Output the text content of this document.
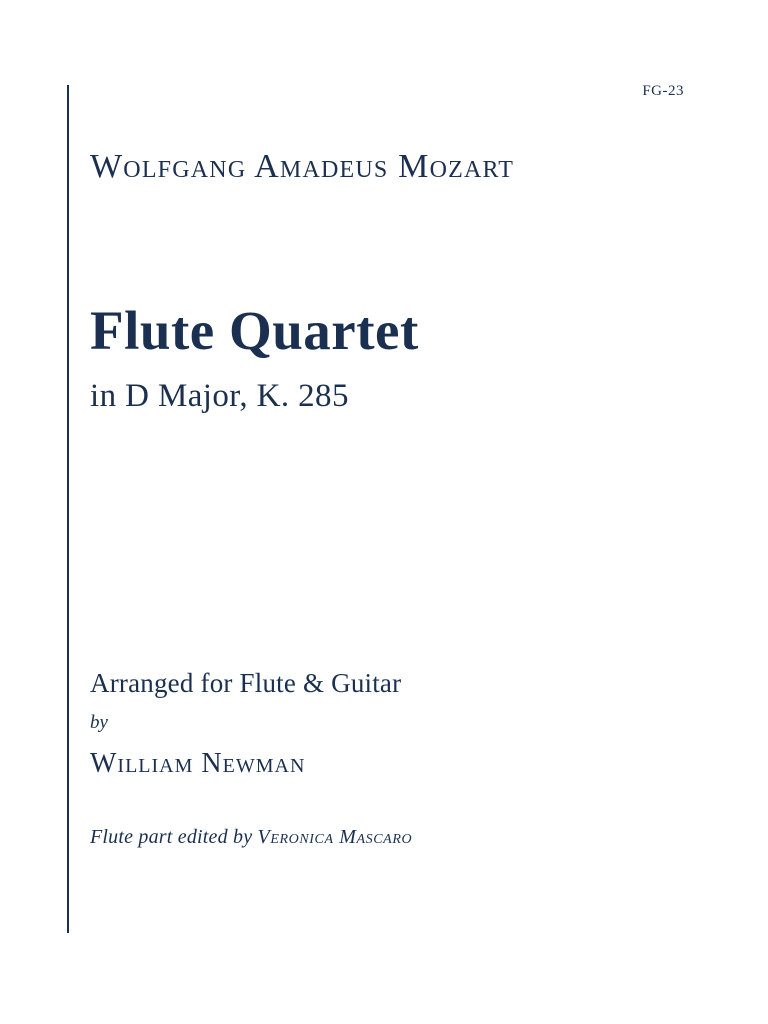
FG-23
Wolfgang Amadeus Mozart
Flute Quartet
in D Major, K. 285
Arranged for Flute & Guitar
by
William Newman
Flute part edited by Veronica Mascaro
